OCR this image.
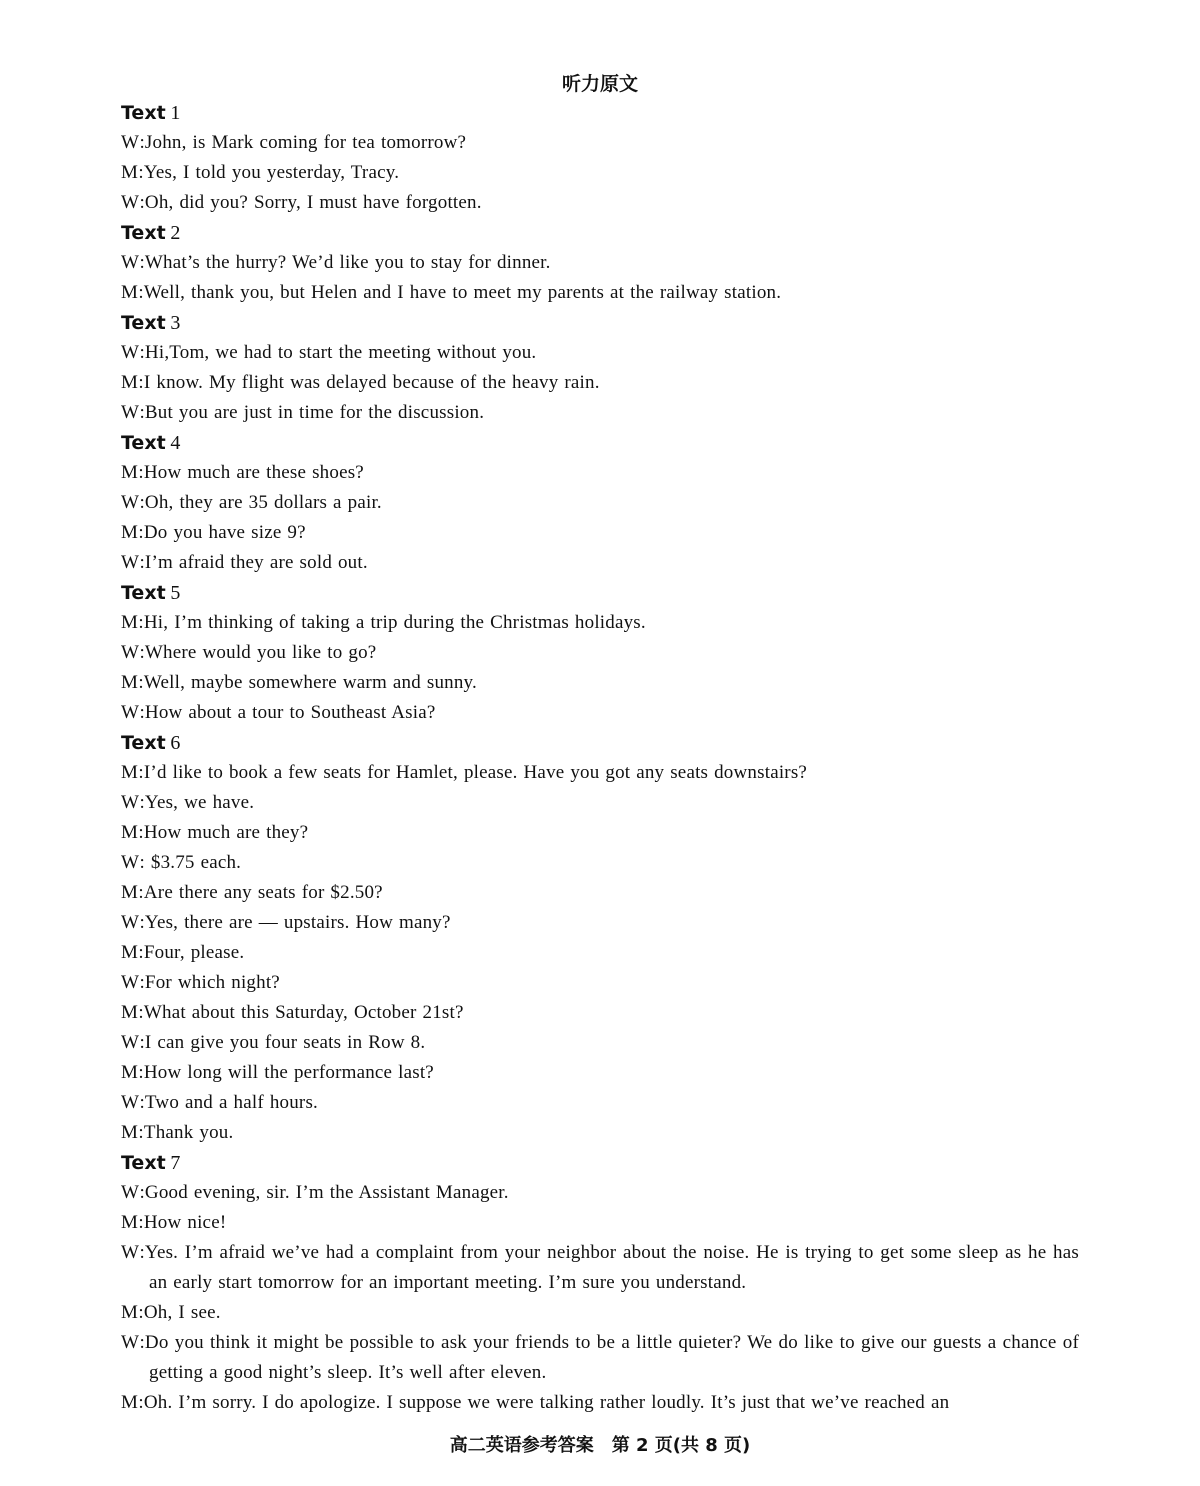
听力原文
Text 1
W:John, is Mark coming for tea tomorrow?
M:Yes, I told you yesterday, Tracy.
W:Oh, did you? Sorry, I must have forgotten.
Text 2
W:What’s the hurry? We’d like you to stay for dinner.
M:Well, thank you, but Helen and I have to meet my parents at the railway station.
Text 3
W:Hi,Tom, we had to start the meeting without you.
M:I know. My flight was delayed because of the heavy rain.
W:But you are just in time for the discussion.
Text 4
M:How much are these shoes?
W:Oh, they are 35 dollars a pair.
M:Do you have size 9?
W:I’m afraid they are sold out.
Text 5
M:Hi, I’m thinking of taking a trip during the Christmas holidays.
W:Where would you like to go?
M:Well, maybe somewhere warm and sunny.
W:How about a tour to Southeast Asia?
Text 6
M:I’d like to book a few seats for Hamlet, please. Have you got any seats downstairs?
W:Yes, we have.
M:How much are they?
W: $3.75 each.
M:Are there any seats for $2.50?
W:Yes, there are — upstairs. How many?
M:Four, please.
W:For which night?
M:What about this Saturday, October 21st?
W:I can give you four seats in Row 8.
M:How long will the performance last?
W:Two and a half hours.
M:Thank you.
Text 7
W:Good evening, sir. I’m the Assistant Manager.
M:How nice!
W:Yes. I’m afraid we’ve had a complaint from your neighbor about the noise. He is trying to get some sleep as he has an early start tomorrow for an important meeting. I’m sure you understand.
M:Oh, I see.
W:Do you think it might be possible to ask your friends to be a little quieter? We do like to give our guests a chance of getting a good night’s sleep. It’s well after eleven.
M:Oh. I’m sorry. I do apologize. I suppose we were talking rather loudly. It’s just that we’ve reached an
高二英语参考答案　第 2 页(共 8 页)
